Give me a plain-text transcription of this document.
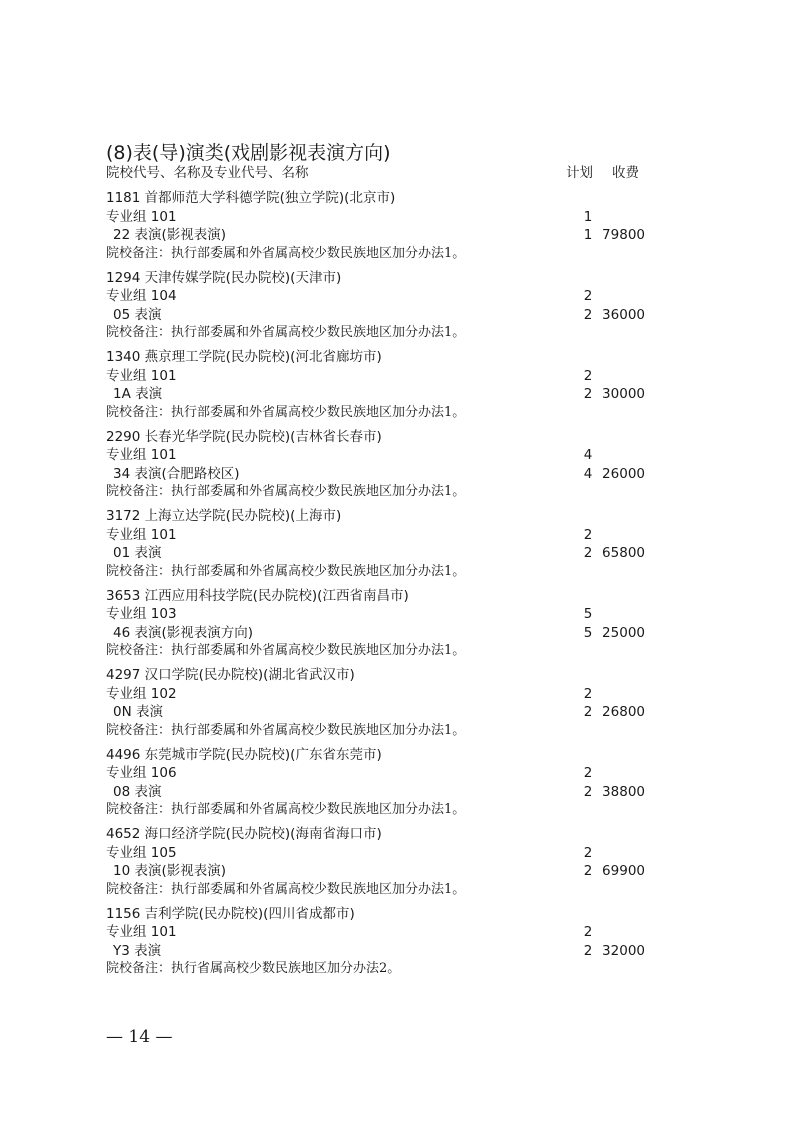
(8)表(导)演类(戏剧影视表演方向)
院校代号、名称及专业代号、名称	计划 收费
1181 首都师范大学科德学院(独立学院)(北京市)
专业组 101	1
22 表演(影视表演)	1 79800
院校备注：执行部委属和外省属高校少数民族地区加分办法1。
1294 天津传媒学院(民办院校)(天津市)
专业组 104	2
05 表演	2 36000
院校备注：执行部委属和外省属高校少数民族地区加分办法1。
1340 燕京理工学院(民办院校)(河北省廊坊市)
专业组 101	2
1A 表演	2 30000
院校备注：执行部委属和外省属高校少数民族地区加分办法1。
2290 长春光华学院(民办院校)(吉林省长春市)
专业组 101	4
34 表演(合肥路校区)	4 26000
院校备注：执行部委属和外省属高校少数民族地区加分办法1。
3172 上海立达学院(民办院校)(上海市)
专业组 101	2
01 表演	2 65800
院校备注：执行部委属和外省属高校少数民族地区加分办法1。
3653 江西应用科技学院(民办院校)(江西省南昌市)
专业组 103	5
46 表演(影视表演方向)	5 25000
院校备注：执行部委属和外省属高校少数民族地区加分办法1。
4297 汉口学院(民办院校)(湖北省武汉市)
专业组 102	2
0N 表演	2 26800
院校备注：执行部委属和外省属高校少数民族地区加分办法1。
4496 东莞城市学院(民办院校)(广东省东莞市)
专业组 106	2
08 表演	2 38800
院校备注：执行部委属和外省属高校少数民族地区加分办法1。
4652 海口经济学院(民办院校)(海南省海口市)
专业组 105	2
10 表演(影视表演)	2 69900
院校备注：执行部委属和外省属高校少数民族地区加分办法1。
1156 吉利学院(民办院校)(四川省成都市)
专业组 101	2
Y3 表演	2 32000
院校备注：执行省属高校少数民族地区加分办法2。
— 14 —
